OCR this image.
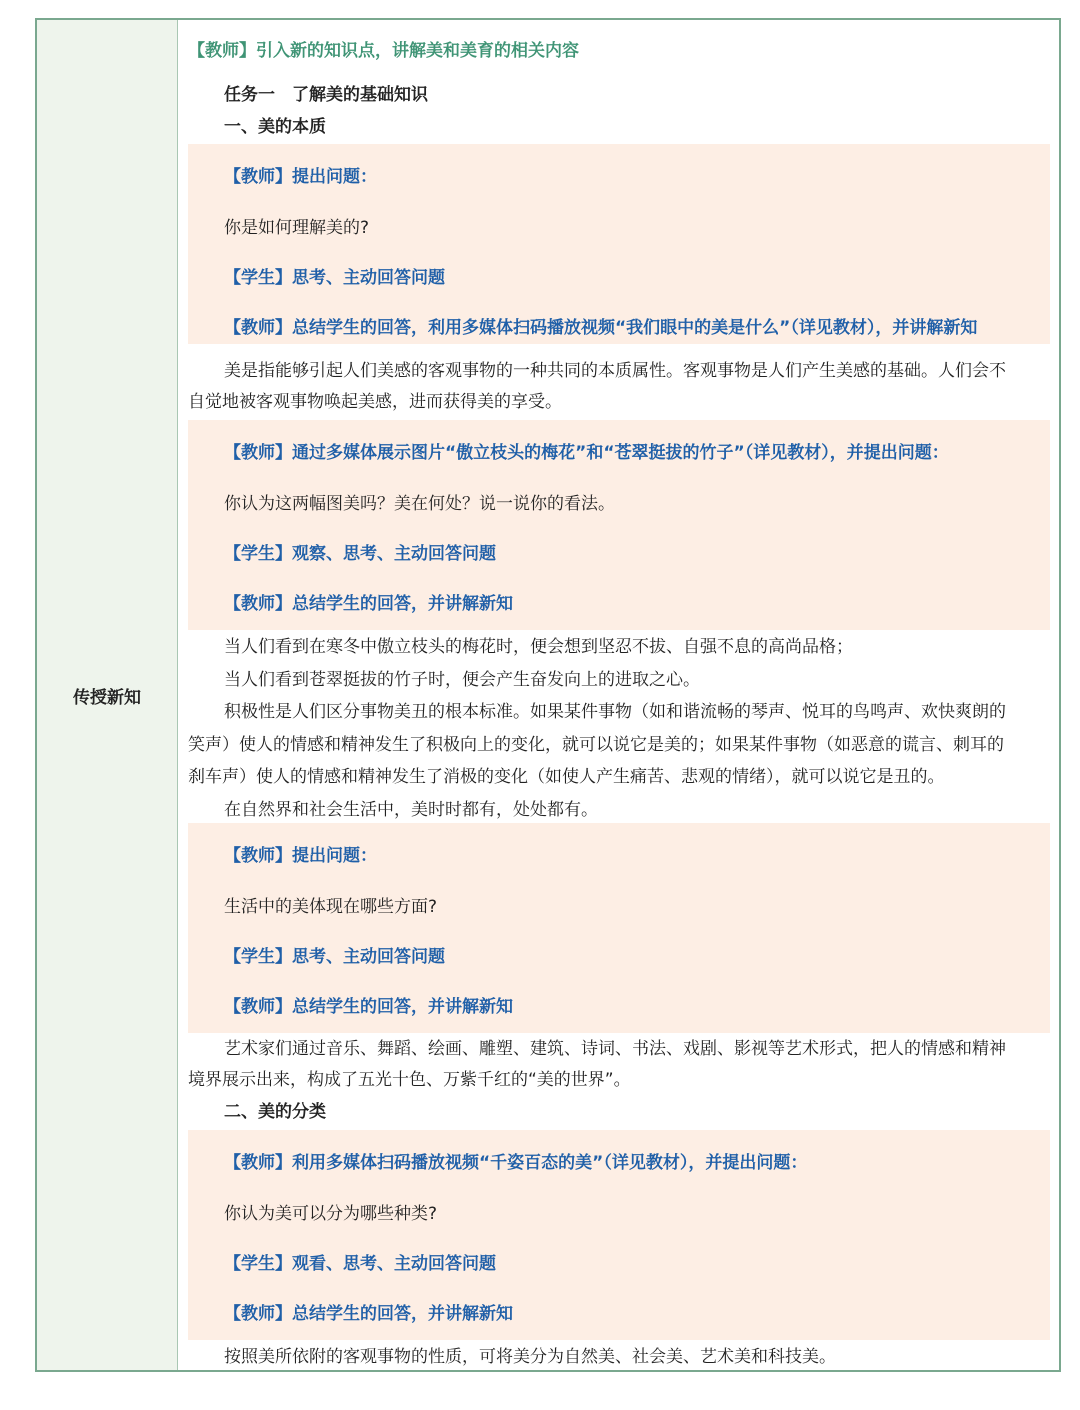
传授新知
【教师】引入新的知识点，讲解美和美育的相关内容
任务一　了解美的基础知识
一、美的本质
【教师】提出问题：
你是如何理解美的?
【学生】思考、主动回答问题
【教师】总结学生的回答，利用多媒体扫码播放视频“我们眼中的美是什么”（详见教材），并讲解新知
美是指能够引起人们美感的客观事物的一种共同的本质属性。客观事物是人们产生美感的基础。人们会不
自觉地被客观事物唤起美感，进而获得美的享受。
【教师】通过多媒体展示图片“傲立枝头的梅花”和“苍翠挺拔的竹子”（详见教材），并提出问题：
你认为这两幅图美吗？美在何处？说一说你的看法。
【学生】观察、思考、主动回答问题
【教师】总结学生的回答，并讲解新知
当人们看到在寒冬中傲立枝头的梅花时，便会想到坚忍不拔、自强不息的高尚品格；
当人们看到苍翠挺拔的竹子时，便会产生奋发向上的进取之心。
积极性是人们区分事物美丑的根本标准。如果某件事物（如和谐流畅的琴声、悦耳的鸟鸣声、欢快爽朗的
笑声）使人的情感和精神发生了积极向上的变化，就可以说它是美的；如果某件事物（如恶意的谎言、刺耳的
刹车声）使人的情感和精神发生了消极的变化（如使人产生痛苦、悲观的情绪），就可以说它是丑的。
在自然界和社会生活中，美时时都有，处处都有。
【教师】提出问题：
生活中的美体现在哪些方面?
【学生】思考、主动回答问题
【教师】总结学生的回答，并讲解新知
艺术家们通过音乐、舞蹈、绘画、雕塑、建筑、诗词、书法、戏剧、影视等艺术形式，把人的情感和精神
境界展示出来，构成了五光十色、万紫千红的“美的世界”。
二、美的分类
【教师】利用多媒体扫码播放视频“千姿百态的美”（详见教材），并提出问题：
你认为美可以分为哪些种类?
【学生】观看、思考、主动回答问题
【教师】总结学生的回答，并讲解新知
按照美所依附的客观事物的性质，可将美分为自然美、社会美、艺术美和科技美。
